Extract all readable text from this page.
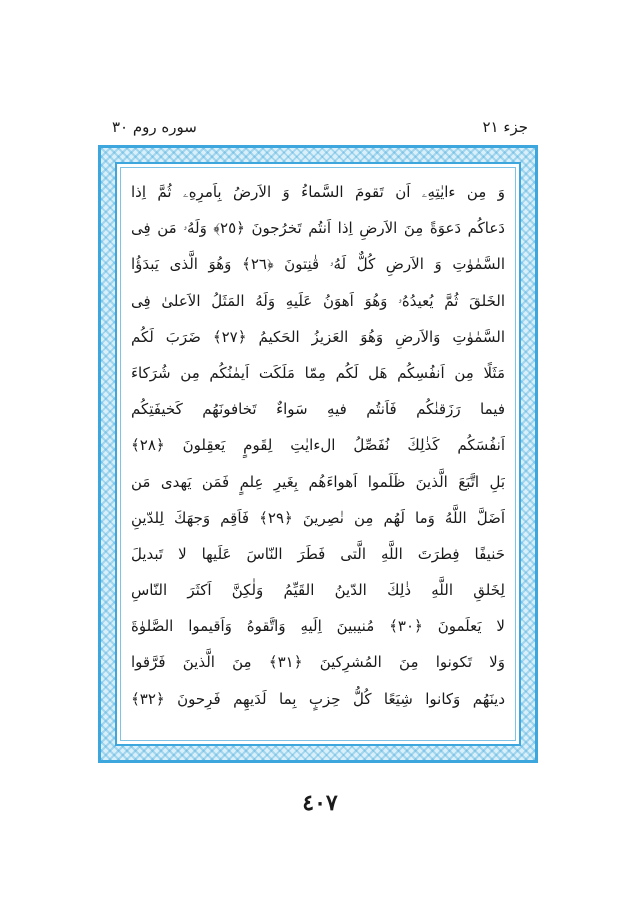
سوره روم ٣٠	جزء ٢١
وَ مِن ءايٰتِهِۦ اَن تَقومَ السَّماءُ وَ الاَرضُ بِاَمرِهِۦ ثُمَّ اِذا
دَعاكُم دَعوَةً مِنَ الاَرضِ اِذا اَنتُم تَخرُجونَ ﴿٢٥﴾ وَلَهُۥ مَن فِى
السَّمٰوٰتِ وَ الاَرضِ كُلٌّ لَهُۥ قٰنِتونَ ﴿٢٦﴾ وَهُوَ الَّذى يَبدَؤُا
الخَلقَ ثُمَّ يُعيدُهُۥ وَهُوَ اَهوَنُ عَلَيهِ وَلَهُ المَثَلُ الاَعلىٰ فِى
السَّمٰوٰتِ وَالاَرضِ وَهُوَ العَزيزُ الحَكيمُ ﴿٢٧﴾ ضَرَبَ لَكُم
مَثَلًا مِن اَنفُسِكُم هَل لَكُم مِمّا مَلَكَت اَيمٰنُكُم مِن شُرَكاءَ
فيما رَزَقنٰكُم فَاَنتُم فيهِ سَواءٌ تَخافونَهُم كَخيفَتِكُم
اَنفُسَكُم كَذٰلِكَ نُفَصِّلُ الءايٰتِ لِقَومٍ يَعقِلونَ ﴿٢٨﴾
بَلِ اتَّبَعَ الَّذينَ ظَلَموا اَهواءَهُم بِغَيرِ عِلمٍ فَمَن يَهدى مَن
اَضَلَّ اللَّهُ وَما لَهُم مِن نٰصِرينَ ﴿٢٩﴾ فَاَقِم وَجهَكَ لِلدّينِ
حَنيفًا فِطرَتَ اللَّهِ الَّتى فَطَرَ النّاسَ عَلَيها لا تَبديلَ
لِخَلقِ اللَّهِ ذٰلِكَ الدّينُ القَيِّمُ وَلٰكِنَّ اَكثَرَ النّاسِ
لا يَعلَمونَ ﴿٣٠﴾ مُنيبينَ اِلَيهِ وَاتَّقوهُ وَاَقيموا الصَّلوٰةَ
وَلا تَكونوا مِنَ المُشرِكينَ ﴿٣١﴾ مِنَ الَّذينَ فَرَّقوا
دينَهُم وَكانوا شِيَعًا كُلُّ حِزبٍ بِما لَدَيهِم فَرِحونَ ﴿٣٢﴾
٤٠٧
